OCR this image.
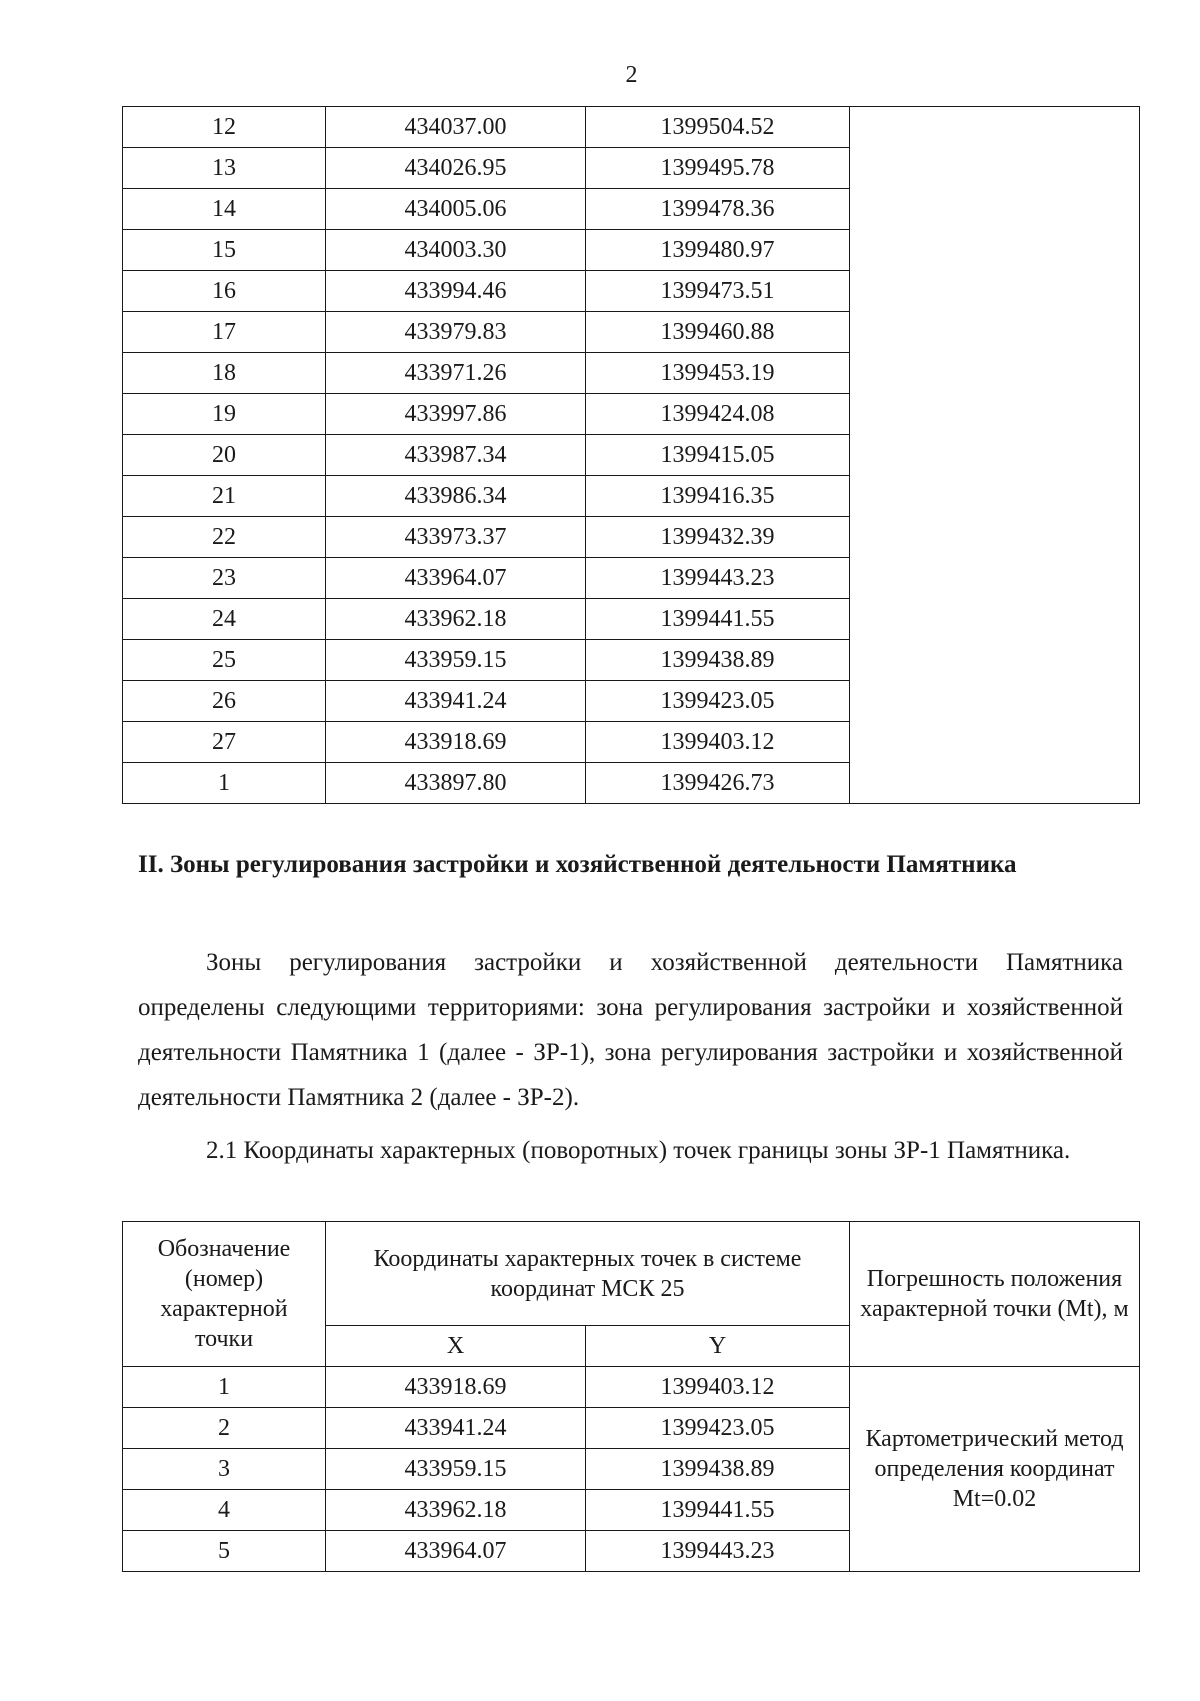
2
12	434037.00	1399504.52	
13	434026.95	1399495.78	
14	434005.06	1399478.36	
15	434003.30	1399480.97	
16	433994.46	1399473.51	
17	433979.83	1399460.88	
18	433971.26	1399453.19	
19	433997.86	1399424.08	
20	433987.34	1399415.05	
21	433986.34	1399416.35	
22	433973.37	1399432.39	
23	433964.07	1399443.23	
24	433962.18	1399441.55	
25	433959.15	1399438.89	
26	433941.24	1399423.05	
27	433918.69	1399403.12	
1	433897.80	1399426.73	
II. Зоны регулирования застройки и хозяйственной деятельности Памятника

Зоны регулирования застройки и хозяйственной деятельности Памятника определены следующими территориями: зона регулирования застройки и хозяйственной деятельности Памятника 1 (далее - ЗР-1), зона регулирования застройки и хозяйственной деятельности Памятника 2 (далее - ЗР-2).

2.1 Координаты характерных (поворотных) точек границы зоны ЗР-1 Памятника.

Обозначение (номер) характерной точки	Координаты характерных точек в системе координат МСК 25		Погрешность положения характерной точки (Mt), м
	X	Y	
1	433918.69	1399403.12	Картометрический метод определения координат
Mt=0.02

2	433941.24	1399423.05	
3	433959.15	1399438.89	
4	433962.18	1399441.55	
5	433964.07	1399443.23	
